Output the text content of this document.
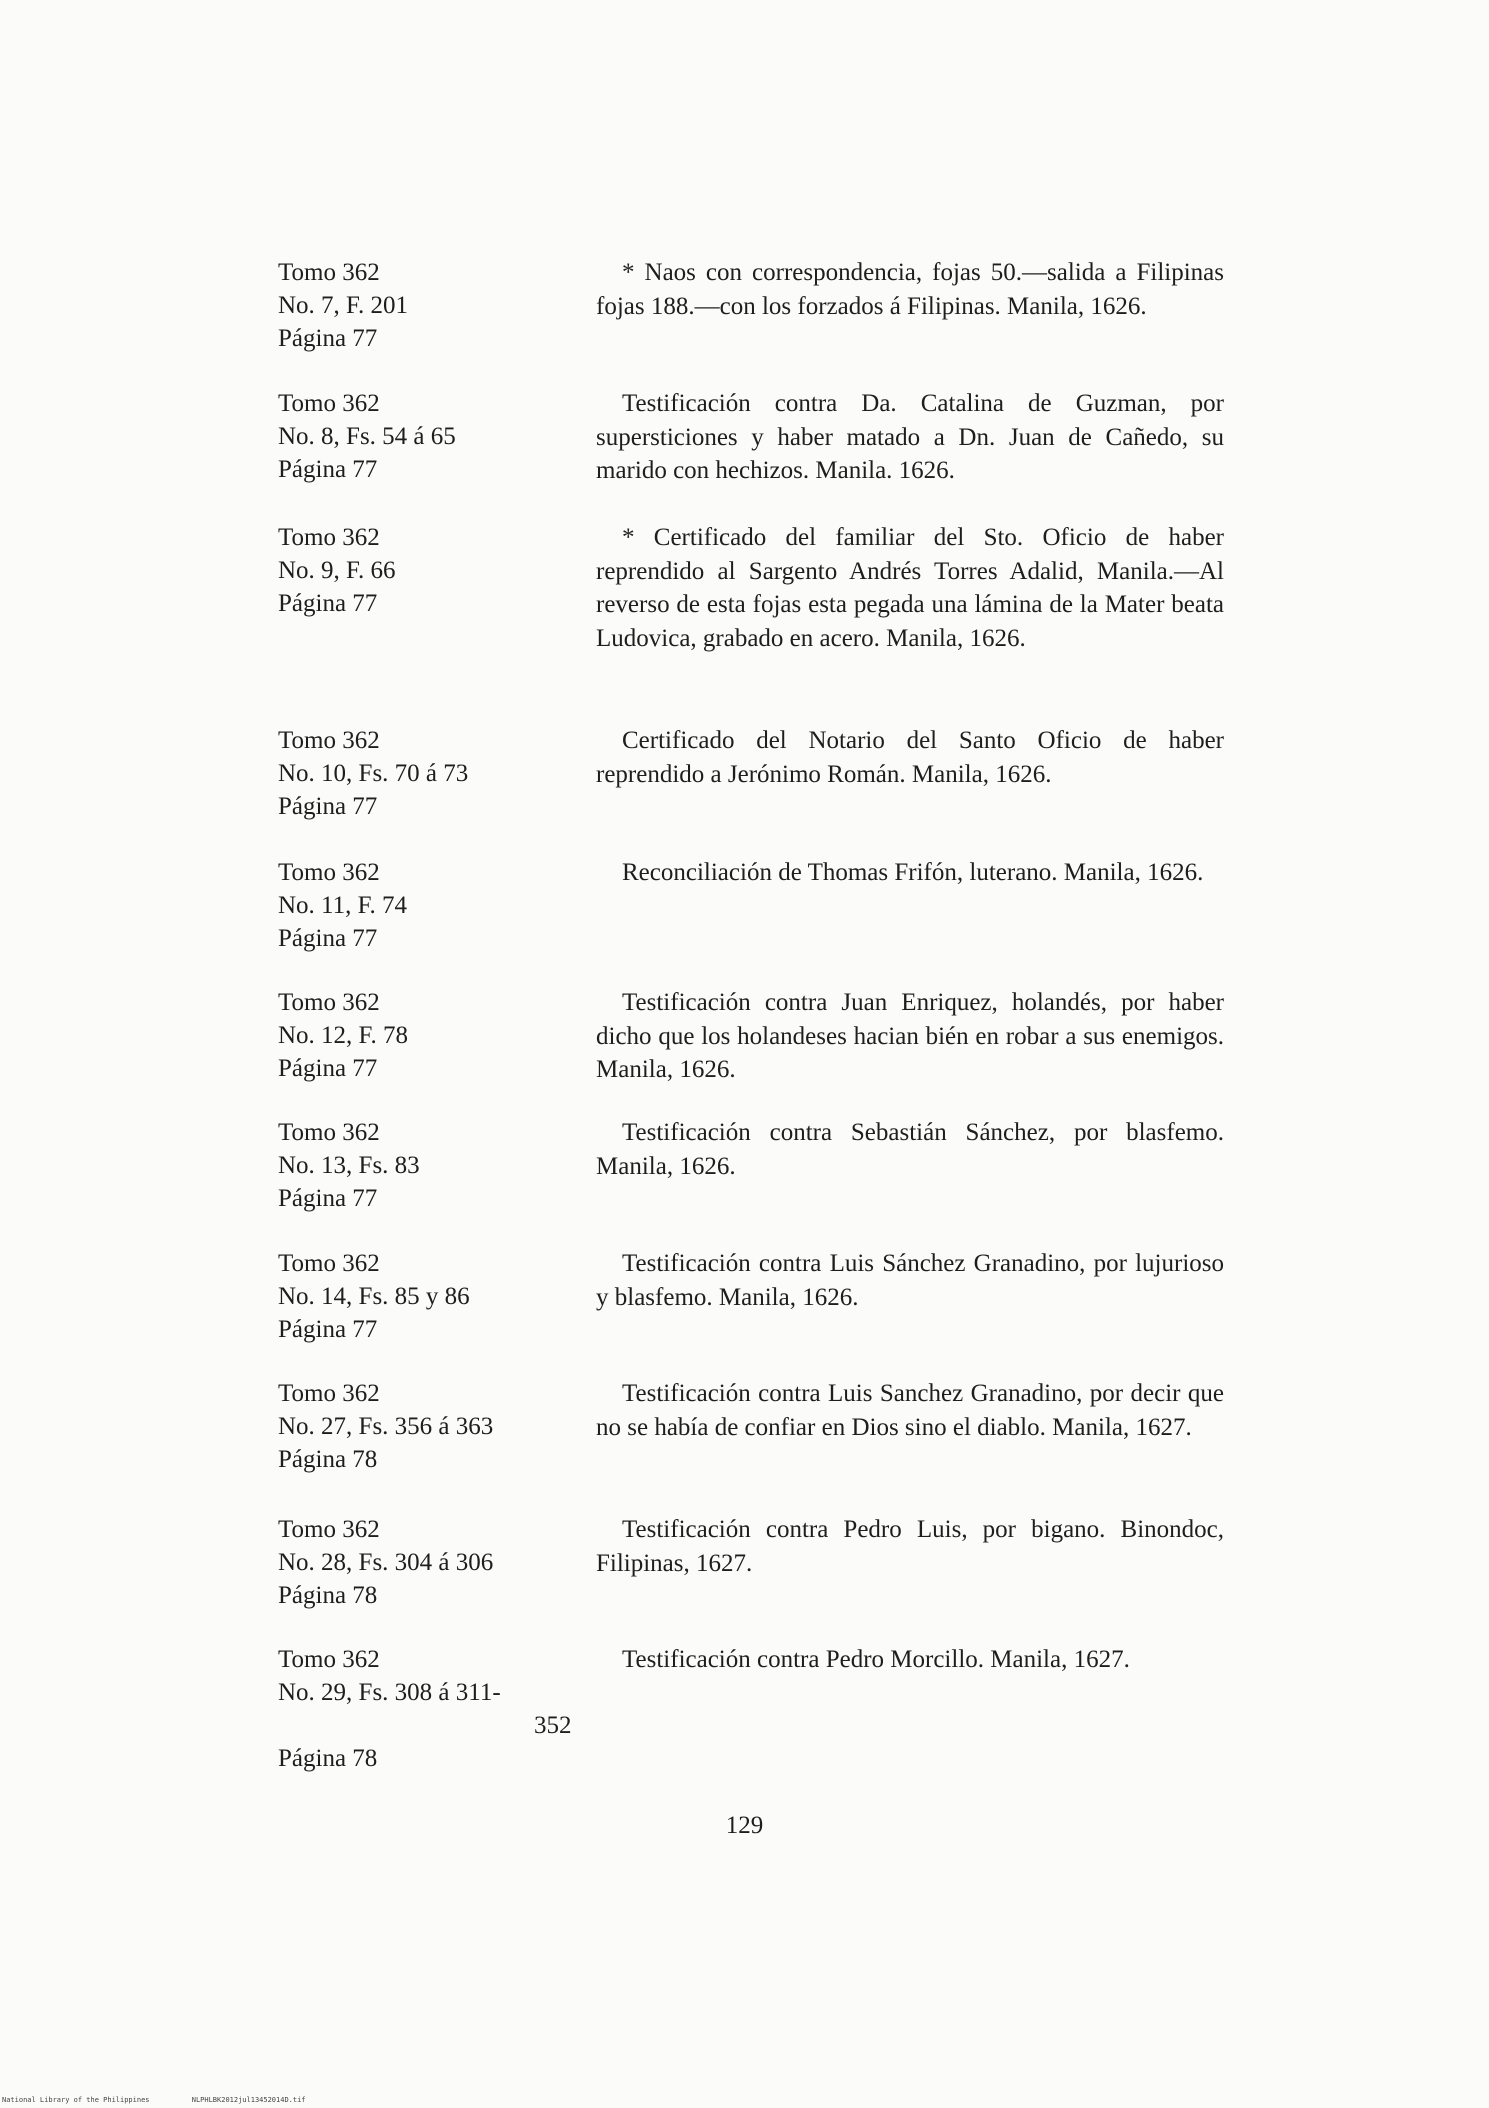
Tomo 362
No. 7, F. 201
Página 77
* Naos con correspondencia, fojas 50.—salida a Filipinas fojas 188.—con los forzados á Filipinas. Manila, 1626.
Tomo 362
No. 8, Fs. 54 á 65
Página 77
Testificación contra Da. Catalina de Guzman, por supersticiones y haber matado a Dn. Juan de Cañedo, su marido con hechizos. Manila. 1626.
Tomo 362
No. 9, F. 66
Página 77
* Certificado del familiar del Sto. Oficio de haber reprendido al Sargento Andrés Torres Adalid, Manila.—Al reverso de esta fojas esta pegada una lámina de la Mater beata Ludovica, grabado en acero. Manila, 1626.
Tomo 362
No. 10, Fs. 70 á 73
Página 77
Certificado del Notario del Santo Oficio de haber reprendido a Jerónimo Román. Manila, 1626.
Tomo 362
No. 11, F. 74
Página 77
Reconciliación de Thomas Frifón, luterano. Manila, 1626.
Tomo 362
No. 12, F. 78
Página 77
Testificación contra Juan Enriquez, holandés, por haber dicho que los holandeses hacian bién en robar a sus enemigos. Manila, 1626.
Tomo 362
No. 13, Fs. 83
Página 77
Testificación contra Sebastián Sánchez, por blasfemo. Manila, 1626.
Tomo 362
No. 14, Fs. 85 y 86
Página 77
Testificación contra Luis Sánchez Granadino, por lujurioso y blasfemo. Manila, 1626.
Tomo 362
No. 27, Fs. 356 á 363
Página 78
Testificación contra Luis Sanchez Granadino, por decir que no se había de confiar en Dios sino el diablo. Manila, 1627.
Tomo 362
No. 28, Fs. 304 á 306
Página 78
Testificación contra Pedro Luis, por bigano. Binondoc, Filipinas, 1627.
Tomo 362
No. 29, Fs. 308 á 311-
352
Página 78
Testificación contra Pedro Morcillo. Manila, 1627.
129
National Library of the Philippines	NLPHLBK2012jul13452014D.tif
